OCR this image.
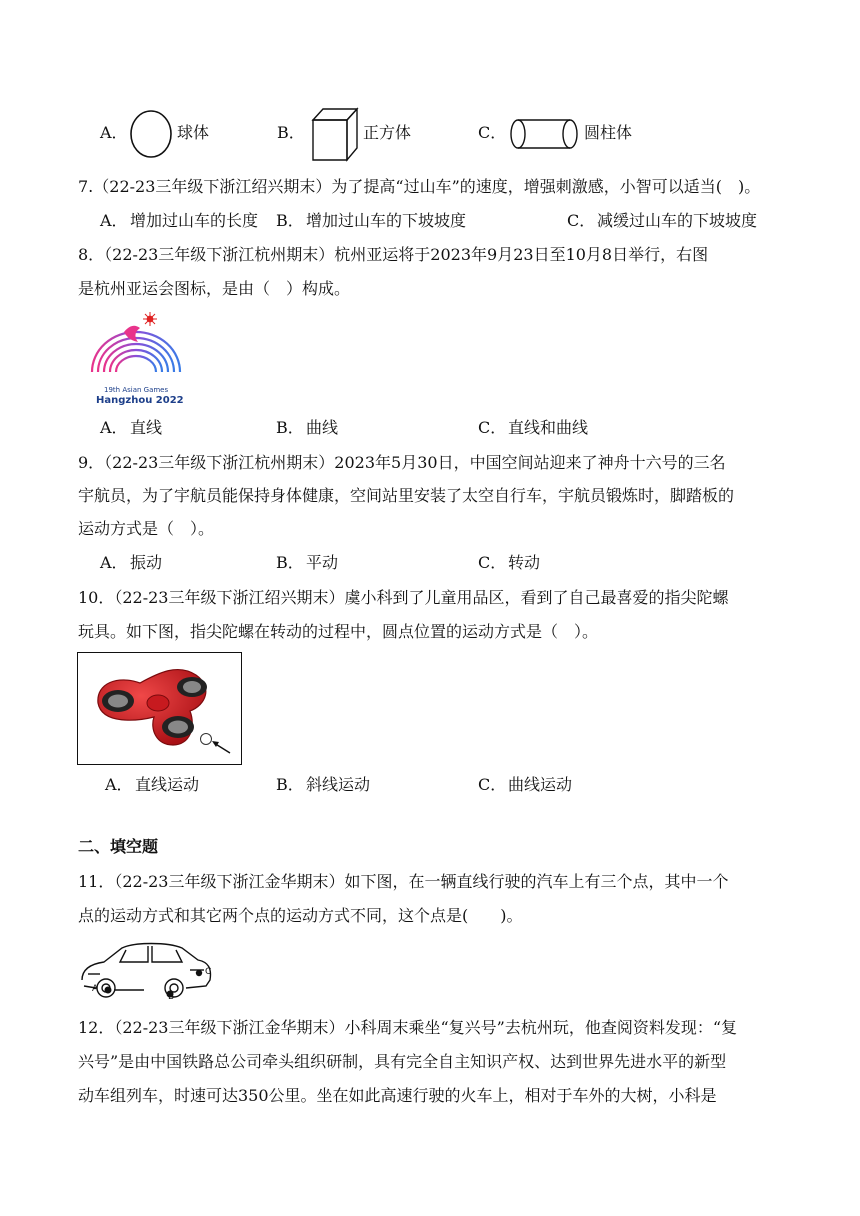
A．	球体	B．	正方体	C．	圆柱体
7.（22-23三年级下浙江绍兴期末）为了提高“过山车”的速度，增强刺激感，小智可以适当(　)。
A． 增加过山车的长度 B． 增加过山车的下坡坡度	C． 减缓过山车的下坡坡度
8．（22-23三年级下浙江杭州期末）杭州亚运将于2023年9月23日至10月8日举行，右图
是杭州亚运会图标，是由（　）构成。
19th Asian Games
Hangzhou 2022
A． 直线	B． 曲线	C． 直线和曲线
9．（22-23三年级下浙江杭州期末）2023年5月30日，中国空间站迎来了神舟十六号的三名
宇航员，为了宇航员能保持身体健康，空间站里安装了太空自行车，宇航员锻炼时，脚踏板的
运动方式是（　）。
A． 振动	B． 平动	C． 转动
10．（22-23三年级下浙江绍兴期末）虞小科到了儿童用品区，看到了自己最喜爱的指尖陀螺
玩具。如下图，指尖陀螺在转动的过程中，圆点位置的运动方式是（　）。
A． 直线运动	B． 斜线运动	C． 曲线运动
二、填空题
11．（22-23三年级下浙江金华期末）如下图，在一辆直线行驶的汽车上有三个点，其中一个
点的运动方式和其它两个点的运动方式不同，这个点是(　　)。
A
B
C
12．（22-23三年级下浙江金华期末）小科周末乘坐“复兴号”去杭州玩，他查阅资料发现：“复
兴号”是由中国铁路总公司牵头组织研制，具有完全自主知识产权、达到世界先进水平的新型
动车组列车，时速可达350公里。坐在如此高速行驶的火车上，相对于车外的大树，小科是
